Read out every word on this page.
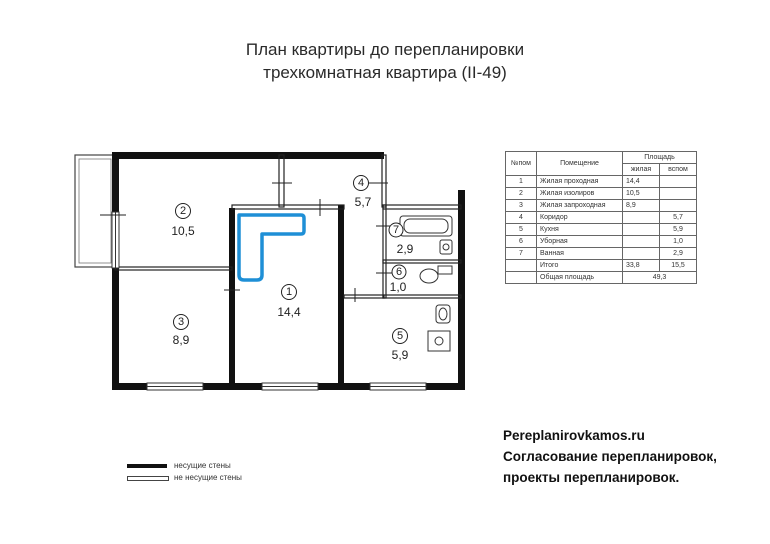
План квартиры до перепланировки
трехкомнатная квартира (II-49)
1
14,4
2
10,5
3
8,9
4
5,7
5
5,9
6
1,0
7
2,9
№пом	Помещение	Площадь	
		жилая	вспом
1	Жилая проходная	14,4	
2	Жилая изолиров	10,5	
3	Жилая запроходная	8,9	
4	Коридор		5,7
5	Кухня		5,9
6	Уборная		1,0
7	Ванная		2,9
	Итого	33,8	15,5
	Общая площадь	49,3	
несущие стены
не несущие стены
Pereplanirovkamos.ru
Согласование перепланировок,
проекты перепланировок.
